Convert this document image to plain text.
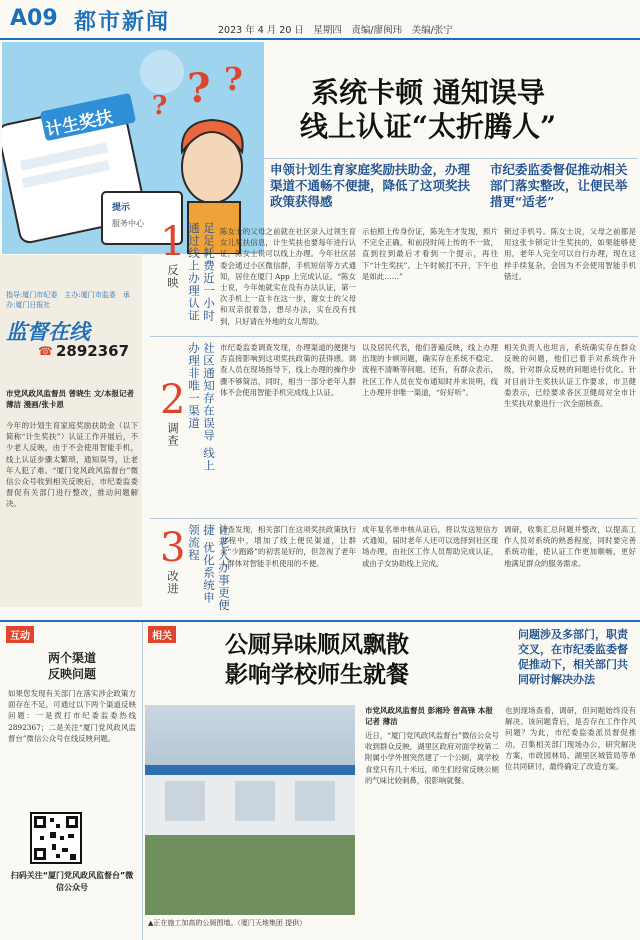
A09 都市新闻	2023 年 4 月 20 日　星期四　责编/廖闽玮　美编/张宁
计生奖扶
提示
服务中心
? ?
?	系统卡顿 通知误导
线上认证“太折腾人”
申领计划生育家庭奖励扶助金，办理渠道不通畅不便捷，降低了这项奖扶政策获得感
市纪委监委督促推动相关部门落实整改，让便民举措更“适老”
1
反映	足足耗费近一小时 通过线上办理认证	陈女士的父母之前就在社区录入过领生育女儿奖扶信息，计生奖扶也要每年进行认证，陈女士说可以线上办理。今年社区居委会通过小区微信群，手机短信等方式通知，居住在厦门 App 上完成认证。“陈女士说，今年她就实在没有办法认证，第一次手机上一直卡在这一步，谢女士的父母和双亲很着急，想尽办法，实在没有找到，只好请在外地的女儿帮助。
示拍照上传身份证，陈先生才发现，照片不完全正确，和前段时间上传的不一致，直到拉到最后才看到一个提示，再往下“计生奖扶”。上午时候打不开，下午也是如此……”
锁过手机号。陈女士说，父母之前都是用这张卡锁定计生奖扶的，如果能够使用，老年人完全可以自行办理，现在这样手续复杂，会因为不会使用智能手机错过。
指导:厦门市纪委　主办:厦门市监委　承办:厦门日报社
监督在线
☎ 2892367
市党风政风监督员 曾晓生 文/本报记者 薄洁 漫画/张卡恩
今年的计划生育家庭奖励扶助金（以下简称“计生奖扶”）认证工作开展后，不少老人反映，由于不会使用智能手机，线上认证步骤太繁琐，通知误导，让老年人犯了难。“厦门党风政风监督台”微信公众号收到相关反映后，市纪委监委督促有关部门进行整改，推动问题解决。
2
调查	社区通知存在误导 线上办理非唯一渠道	市纪委监委调查发现，办理渠道的便捷与否直接影响到这项奖扶政策的获得感。调查人员在现场指导下，线上办理的操作步骤不够简洁，同时，相当一部分老年人群体不会使用智能手机完成线上认证。
以及居民代表，他们普遍反映，线上办理出现的卡顿问题，确实存在系统不稳定、流程不清晰等问题。还有，有群众表示，社区工作人员在发布通知时并未说明，线上办理并非唯一渠道，“好好听”。
相关负责人也坦言，系统确实存在群众反映的问题，他们已着手对系统作升级，针对群众反映的问题进行优化。针对目前计生奖扶认证工作要求，市卫健委表示，已经要求各区卫健局对全市计生奖扶对象进行一次全面核查。
3
改进	让老人办事更便捷 优化系统申领流程	调查发现，相关部门在这项奖扶政策执行过程中，增加了线上便民渠道，让群众“少跑路”的初衷是好的，但忽视了老年人群体对智能手机使用的不便。
成年复名单申核从证后，将以发送短信方式通知，届时老年人还可以选择到社区现场办理，由社区工作人员帮助完成认证，或由子女协助线上完成。
调研，收集汇总问题并整改，以提高工作人员对系统的熟悉程度，同时要完善系统功能，使认证工作更加顺畅，更好地满足群众的服务需求。
互动
两个渠道
反映问题
如果您发现有关部门在落实涉企政策方面存在不足，可通过以下两个渠道反映问题：一是拨打市纪委监委热线 2892367；二是关注“厦门党风政风监督台”微信公众号在线反映问题。
扫码关注“厦门党风政风监督台”微信公众号
相关 公厕异味顺风飘散
影响学校师生就餐
问题涉及多部门，职责交叉，在市纪委监委督促推动下，相关部门共同研讨解决办法
市党风政风监督员 彭湘玲 曾高锋 本报记者 薄洁
近日，“厦门党风政风监督台”微信公众号收到群众反映，湖里区政府对面学校第二附属小学外围突然建了一个公厕，离学校食堂只有几十米远，师生们经常反映公厕的气味比较刺鼻，很影响就餐。
也到现场查看，调研，但问题始终没有解决。该问题背后，是否存在工作作风问题？为此，市纪委监委派员督促推动，召集相关部门现场办公，研究解决方案，市政园林局、湖里区城管局等单位共同研讨，最终确定了改造方案。
▲正在施工加高的公厕围墙。（厦门天地集团 提供）
